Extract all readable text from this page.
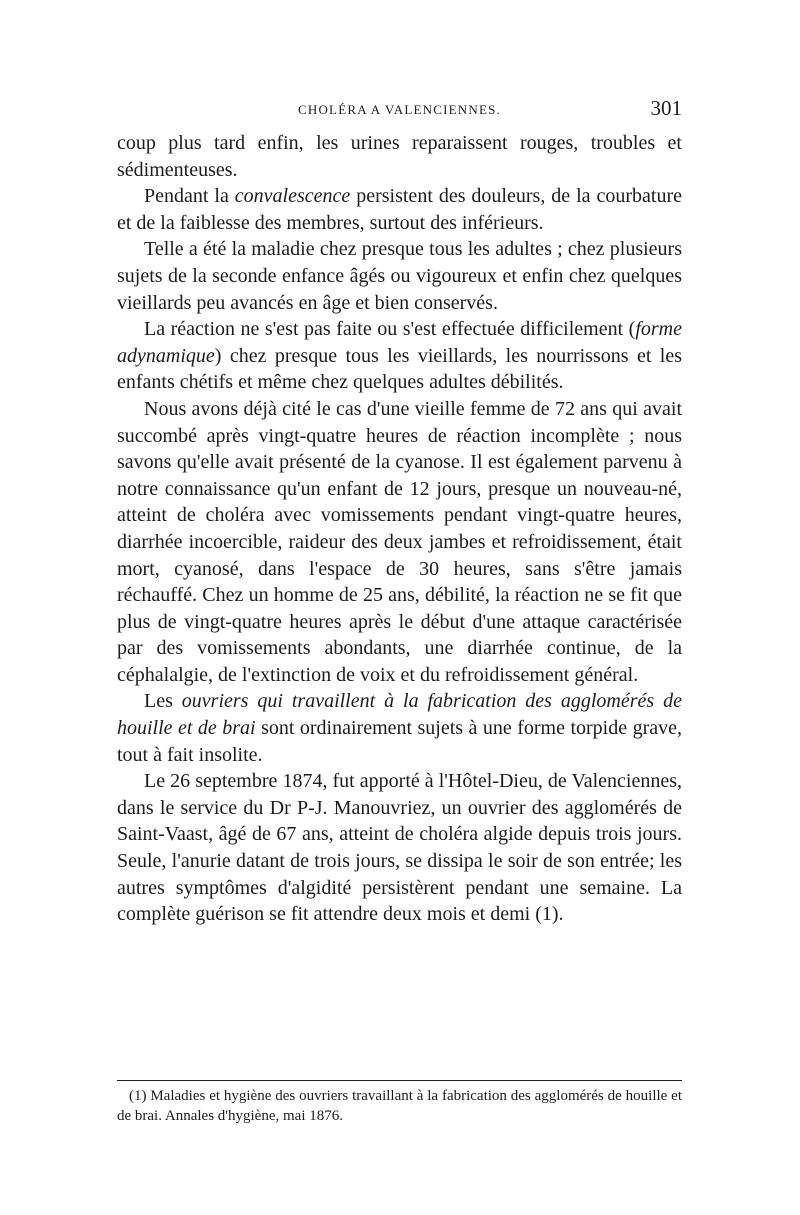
CHOLÉRA A VALENCIENNES.	301

coup plus tard enfin, les urines reparaissent rouges, troubles et sédimenteuses.

Pendant la convalescence persistent des douleurs, de la courbature et de la faiblesse des membres, surtout des inférieurs.

Telle a été la maladie chez presque tous les adultes ; chez plusieurs sujets de la seconde enfance âgés ou vigoureux et enfin chez quelques vieillards peu avancés en âge et bien conservés.

La réaction ne s'est pas faite ou s'est effectuée difficilement (forme adynamique) chez presque tous les vieillards, les nourrissons et les enfants chétifs et même chez quelques adultes débilités.

Nous avons déjà cité le cas d'une vieille femme de 72 ans qui avait succombé après vingt-quatre heures de réaction incomplète ; nous savons qu'elle avait présenté de la cyanose. Il est également parvenu à notre connaissance qu'un enfant de 12 jours, presque un nouveau-né, atteint de choléra avec vomissements pendant vingt-quatre heures, diarrhée incoercible, raideur des deux jambes et refroidissement, était mort, cyanosé, dans l'espace de 30 heures, sans s'être jamais réchauffé. Chez un homme de 25 ans, débilité, la réaction ne se fit que plus de vingt-quatre heures après le début d'une attaque caractérisée par des vomissements abondants, une diarrhée continue, de la céphalalgie, de l'extinction de voix et du refroidissement général.

Les ouvriers qui travaillent à la fabrication des agglomérés de houille et de brai sont ordinairement sujets à une forme torpide grave, tout à fait insolite.

Le 26 septembre 1874, fut apporté à l'Hôtel-Dieu, de Valenciennes, dans le service du Dr P-J. Manouvriez, un ouvrier des agglomérés de Saint-Vaast, âgé de 67 ans, atteint de choléra algide depuis trois jours. Seule, l'anurie datant de trois jours, se dissipa le soir de son entrée; les autres symptômes d'algidité persistèrent pendant une semaine. La complète guérison se fit attendre deux mois et demi (1).

(1) Maladies et hygiène des ouvriers travaillant à la fabrication des agglomérés de houille et de brai. Annales d'hygiène, mai 1876.
